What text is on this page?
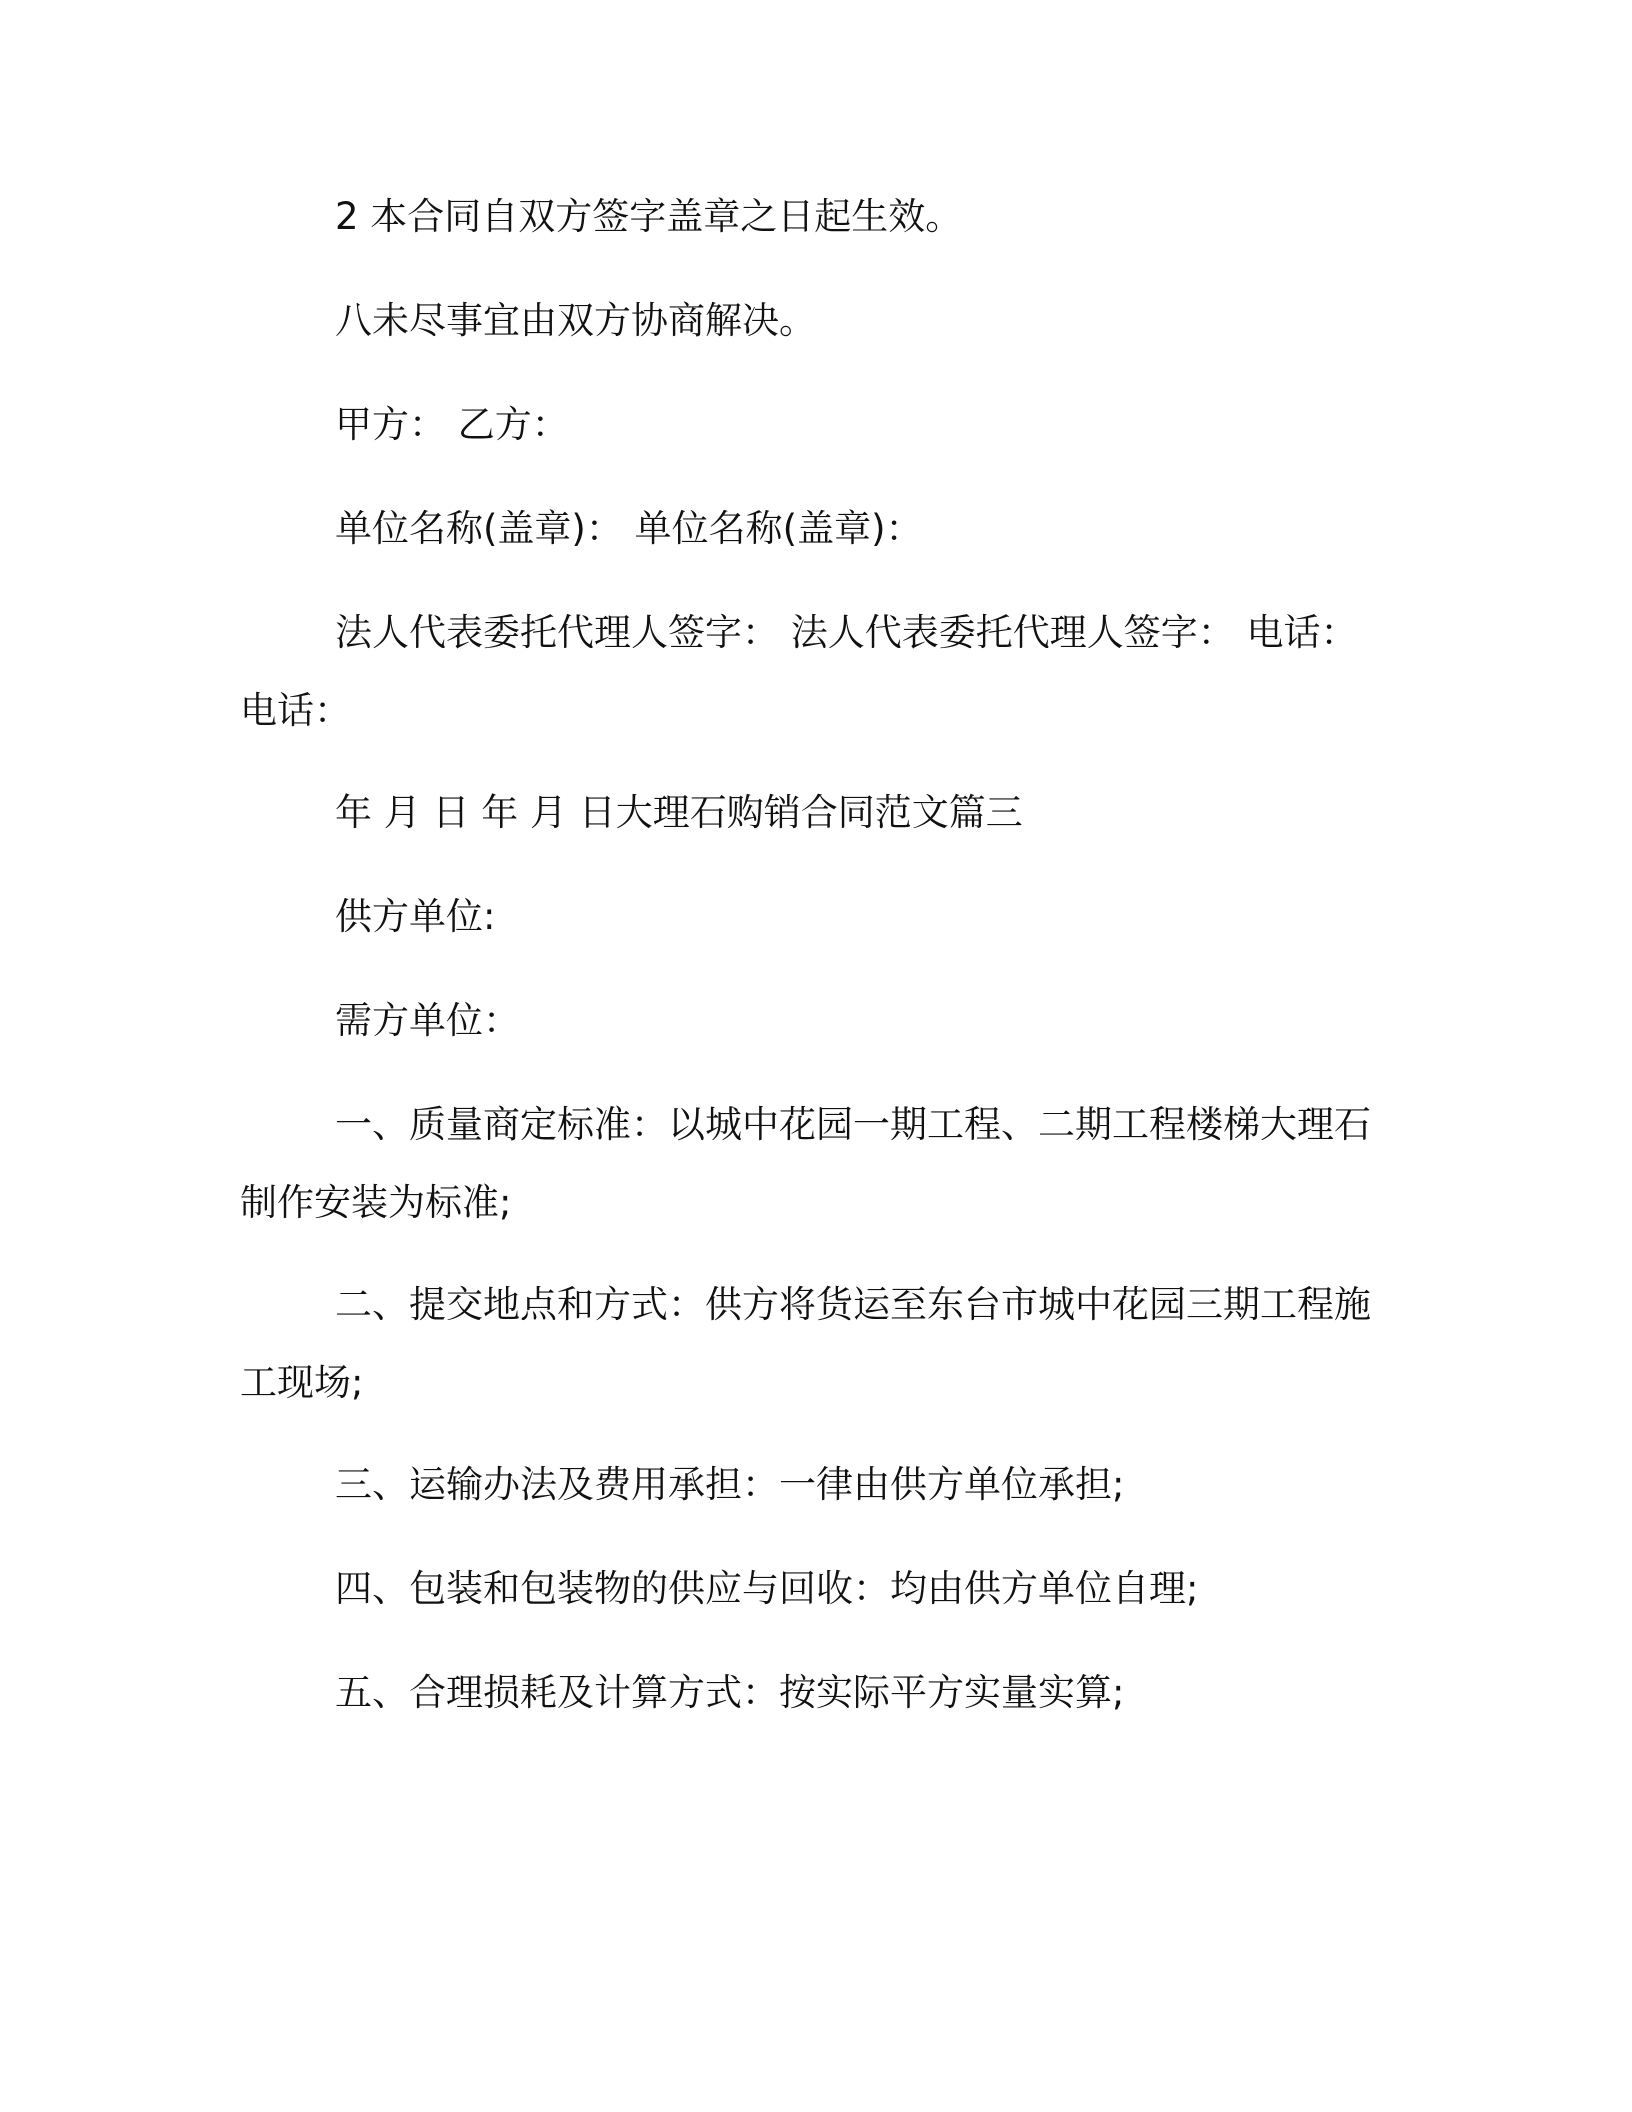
2 本合同自双方签字盖章之日起生效。

八未尽事宜由双方协商解决。

甲方： 乙方：

单位名称(盖章)： 单位名称(盖章)：

法人代表委托代理人签字： 法人代表委托代理人签字： 电话： 电话：

年 月 日 年 月 日大理石购销合同范文篇三

供方单位:

需方单位：

一、质量商定标准：以城中花园一期工程、二期工程楼梯大理石制作安装为标准;

二、提交地点和方式：供方将货运至东台市城中花园三期工程施工现场;

三、运输办法及费用承担：一律由供方单位承担;

四、包装和包装物的供应与回收：均由供方单位自理;

五、合理损耗及计算方式：按实际平方实量实算;
